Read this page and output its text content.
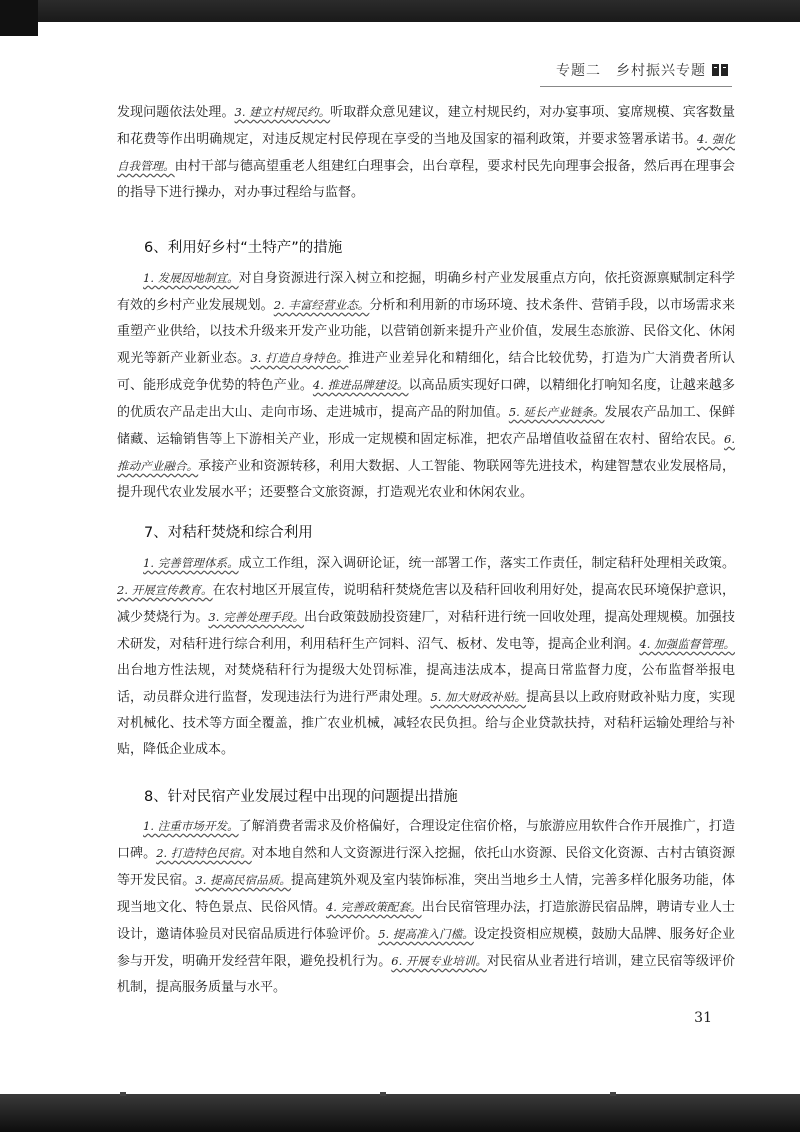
专题二　乡村振兴专题
发现问题依法处理。3. 建立村规民约。听取群众意见建议，建立村规民约，对办宴事项、宴席规模、宾客数量和花费等作出明确规定，对违反规定村民停现在享受的当地及国家的福利政策，并要求签署承诺书。4. 强化自我管理。由村干部与德高望重老人组建红白理事会，出台章程，要求村民先向理事会报备，然后再在理事会的指导下进行操办，对办事过程给与监督。
6、利用好乡村“土特产”的措施
1. 发展因地制宜。对自身资源进行深入树立和挖掘，明确乡村产业发展重点方向，依托资源禀赋制定科学有效的乡村产业发展规划。2. 丰富经营业态。分析和利用新的市场环境、技术条件、营销手段，以市场需求来重塑产业供给，以技术升级来开发产业功能，以营销创新来提升产业价值，发展生态旅游、民俗文化、休闲观光等新产业新业态。3. 打造自身特色。推进产业差异化和精细化，结合比较优势，打造为广大消费者所认可、能形成竞争优势的特色产业。4. 推进品牌建设。以高品质实现好口碑，以精细化打响知名度，让越来越多的优质农产品走出大山、走向市场、走进城市，提高产品的附加值。5. 延长产业链条。发展农产品加工、保鲜储藏、运输销售等上下游相关产业，形成一定规模和固定标准，把农产品增值收益留在农村、留给农民。6. 推动产业融合。承接产业和资源转移，利用大数据、人工智能、物联网等先进技术，构建智慧农业发展格局，提升现代农业发展水平；还要整合文旅资源，打造观光农业和休闲农业。
7、对秸秆焚烧和综合利用
1. 完善管理体系。成立工作组，深入调研论证，统一部署工作，落实工作责任，制定秸秆处理相关政策。2. 开展宣传教育。在农村地区开展宣传，说明秸秆焚烧危害以及秸秆回收利用好处，提高农民环境保护意识，减少焚烧行为。3. 完善处理手段。出台政策鼓励投资建厂，对秸秆进行统一回收处理，提高处理规模。加强技术研发，对秸秆进行综合利用，利用秸秆生产饲料、沼气、板材、发电等，提高企业利润。4. 加强监督管理。出台地方性法规，对焚烧秸秆行为提级大处罚标准，提高违法成本，提高日常监督力度，公布监督举报电话，动员群众进行监督，发现违法行为进行严肃处理。5. 加大财政补贴。提高县以上政府财政补贴力度，实现对机械化、技术等方面全覆盖，推广农业机械，减轻农民负担。给与企业贷款扶持，对秸秆运输处理给与补贴，降低企业成本。
8、针对民宿产业发展过程中出现的问题提出措施
1. 注重市场开发。了解消费者需求及价格偏好，合理设定住宿价格，与旅游应用软件合作开展推广，打造口碑。2. 打造特色民宿。对本地自然和人文资源进行深入挖掘，依托山水资源、民俗文化资源、古村古镇资源等开发民宿。3. 提高民宿品质。提高建筑外观及室内装饰标准，突出当地乡土人情，完善多样化服务功能，体现当地文化、特色景点、民俗风情。4. 完善政策配套。出台民宿管理办法，打造旅游民宿品牌，聘请专业人士设计，邀请体验员对民宿品质进行体验评价。5. 提高准入门槛。设定投资相应规模，鼓励大品牌、服务好企业参与开发，明确开发经营年限，避免投机行为。6. 开展专业培训。对民宿从业者进行培训，建立民宿等级评价机制，提高服务质量与水平。
31
